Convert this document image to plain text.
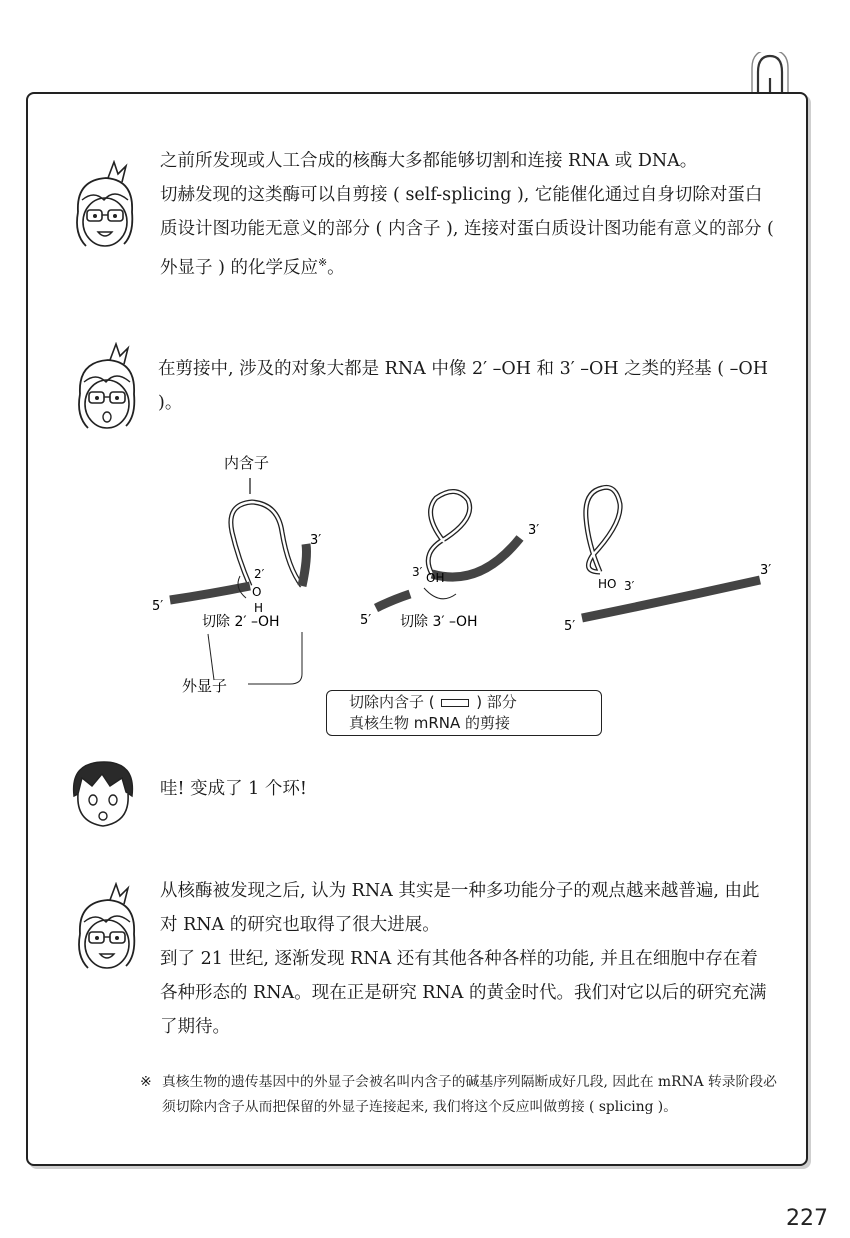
之前所发现或人工合成的核酶大多都能够切割和连接 RNA 或 DNA。

切赫发现的这类酶可以自剪接 ( self-splicing ), 它能催化通过自身切除对蛋白质设计图功能无意义的部分 ( 内含子 ), 连接对蛋白质设计图功能有意义的部分 ( 外显子 ) 的化学反应※。

在剪接中, 涉及的对象大都是 RNA 中像 2′ –OH 和 3′ –OH 之类的羟基 ( –OH )。

内含子
5′
3′
2′
O
H
切除 2′ –OH
外显子
5′
3′
3′ OH
切除 3′ –OH
HO
5′
3′
3′
切除内含子 (	) 部分
真核生物 mRNA 的剪接

哇! 变成了 1 个环!

从核酶被发现之后, 认为 RNA 其实是一种多功能分子的观点越来越普遍, 由此对 RNA 的研究也取得了很大进展。

到了 21 世纪, 逐渐发现 RNA 还有其他各种各样的功能, 并且在细胞中存在着各种形态的 RNA。现在正是研究 RNA 的黄金时代。我们对它以后的研究充满了期待。

※ 真核生物的遗传基因中的外显子会被名叫内含子的碱基序列隔断成好几段, 因此在 mRNA 转录阶段必须切除内含子从而把保留的外显子连接起来, 我们将这个反应叫做剪接 ( splicing )。
227
